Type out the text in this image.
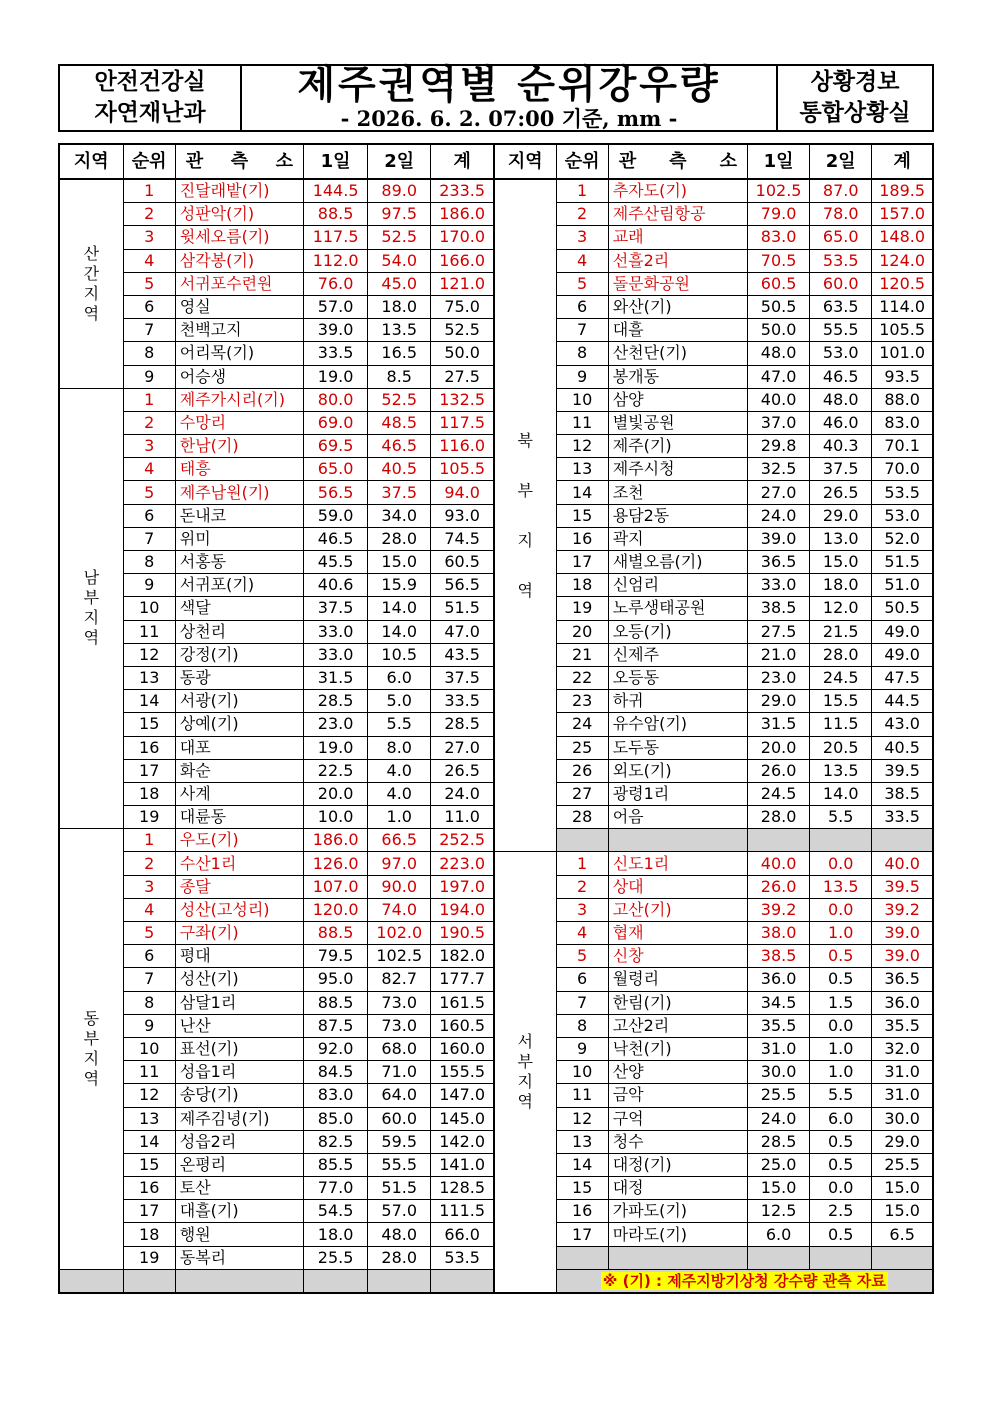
안전건강실
자연재난과
제주권역별 순위강우량
- 2026. 6. 2. 07:00 기준, mm -
상황경보
통합상황실
지역	순위	관 측 소	1일	2일	계	지역	순위	관 측 소	1일	2일	계
산간지역	1	진달래밭(기)	144.5	89.0	233.5	북부지역	1	추자도(기)	102.5	87.0	189.5
	2	성판악(기)	88.5	97.5	186.0		2	제주산림항공	79.0	78.0	157.0
	3	윗세오름(기)	117.5	52.5	170.0		3	교래	83.0	65.0	148.0
	4	삼각봉(기)	112.0	54.0	166.0		4	선흘2리	70.5	53.5	124.0
	5	서귀포수련원	76.0	45.0	121.0		5	돌문화공원	60.5	60.0	120.5
	6	영실	57.0	18.0	75.0		6	와산(기)	50.5	63.5	114.0
	7	천백고지	39.0	13.5	52.5		7	대흘	50.0	55.5	105.5
	8	어리목(기)	33.5	16.5	50.0		8	산천단(기)	48.0	53.0	101.0
	9	어승생	19.0	8.5	27.5		9	봉개동	47.0	46.5	93.5
남부지역	1	제주가시리(기)	80.0	52.5	132.5		10	삼양	40.0	48.0	88.0
	2	수망리	69.0	48.5	117.5		11	별빛공원	37.0	46.0	83.0
	3	한남(기)	69.5	46.5	116.0		12	제주(기)	29.8	40.3	70.1
	4	태흥	65.0	40.5	105.5		13	제주시청	32.5	37.5	70.0
	5	제주남원(기)	56.5	37.5	94.0		14	조천	27.0	26.5	53.5
	6	돈내코	59.0	34.0	93.0		15	용담2동	24.0	29.0	53.0
	7	위미	46.5	28.0	74.5		16	곽지	39.0	13.0	52.0
	8	서홍동	45.5	15.0	60.5		17	새별오름(기)	36.5	15.0	51.5
	9	서귀포(기)	40.6	15.9	56.5		18	신엄리	33.0	18.0	51.0
	10	색달	37.5	14.0	51.5		19	노루생태공원	38.5	12.0	50.5
	11	상천리	33.0	14.0	47.0		20	오등(기)	27.5	21.5	49.0
	12	강정(기)	33.0	10.5	43.5		21	신제주	21.0	28.0	49.0
	13	동광	31.5	6.0	37.5		22	오등동	23.0	24.5	47.5
	14	서광(기)	28.5	5.0	33.5		23	하귀	29.0	15.5	44.5
	15	상예(기)	23.0	5.5	28.5		24	유수암(기)	31.5	11.5	43.0
	16	대포	19.0	8.0	27.0		25	도두동	20.0	20.5	40.5
	17	화순	22.5	4.0	26.5		26	외도(기)	26.0	13.5	39.5
	18	사계	20.0	4.0	24.0		27	광령1리	24.5	14.0	38.5
	19	대륜동	10.0	1.0	11.0		28	어음	28.0	5.5	33.5
동부지역	1	우도(기)	186.0	66.5	252.5						
	2	수산1리	126.0	97.0	223.0	서부지역	1	신도1리	40.0	0.0	40.0
	3	종달	107.0	90.0	197.0		2	상대	26.0	13.5	39.5
	4	성산(고성리)	120.0	74.0	194.0		3	고산(기)	39.2	0.0	39.2
	5	구좌(기)	88.5	102.0	190.5		4	협재	38.0	1.0	39.0
	6	평대	79.5	102.5	182.0		5	신창	38.5	0.5	39.0
	7	성산(기)	95.0	82.7	177.7		6	월령리	36.0	0.5	36.5
	8	삼달1리	88.5	73.0	161.5		7	한림(기)	34.5	1.5	36.0
	9	난산	87.5	73.0	160.5		8	고산2리	35.5	0.0	35.5
	10	표선(기)	92.0	68.0	160.0		9	낙천(기)	31.0	1.0	32.0
	11	성읍1리	84.5	71.0	155.5		10	산양	30.0	1.0	31.0
	12	송당(기)	83.0	64.0	147.0		11	금악	25.5	5.5	31.0
	13	제주김녕(기)	85.0	60.0	145.0		12	구억	24.0	6.0	30.0
	14	성읍2리	82.5	59.5	142.0		13	청수	28.5	0.5	29.0
	15	온평리	85.5	55.5	141.0		14	대정(기)	25.0	0.5	25.5
	16	토산	77.0	51.5	128.5		15	대정	15.0	0.0	15.0
	17	대흘(기)	54.5	57.0	111.5		16	가파도(기)	12.5	2.5	15.0
	18	행원	18.0	48.0	66.0		17	마라도(기)	6.0	0.5	6.5
	19	동복리	25.5	28.0	53.5						
							※ (기) : 제주지방기상청 강수량 관측 자료				
